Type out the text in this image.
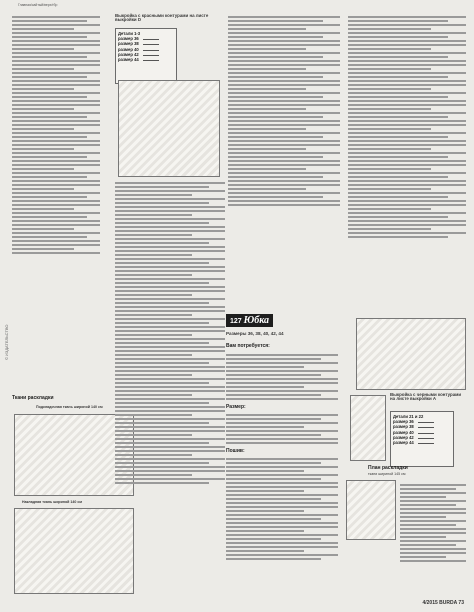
Главная/сайтый/верх/гбр
Ткани раскладки
Подкладочная ткань шириной 140 см
Накладная ткань шириной 140 см
© ИЗДАТЕЛЬСТВО
Выкройка с красными контурами на листе выкройки D
Детали 1-3
размер 36
размер 38
размер 40
размер 42
размер 44
127 Юбка
Размеры 36, 38, 40, 42, 44
Вам потребуется:
Размер:
Пошив:
Выкройка с черными контурами на листе выкройки А
Детали 21 и 22
размер 36
размер 38
размер 40
размер 42
размер 44
План раскладки
ткани шириной 145 см
4/2015 BURDA 73
